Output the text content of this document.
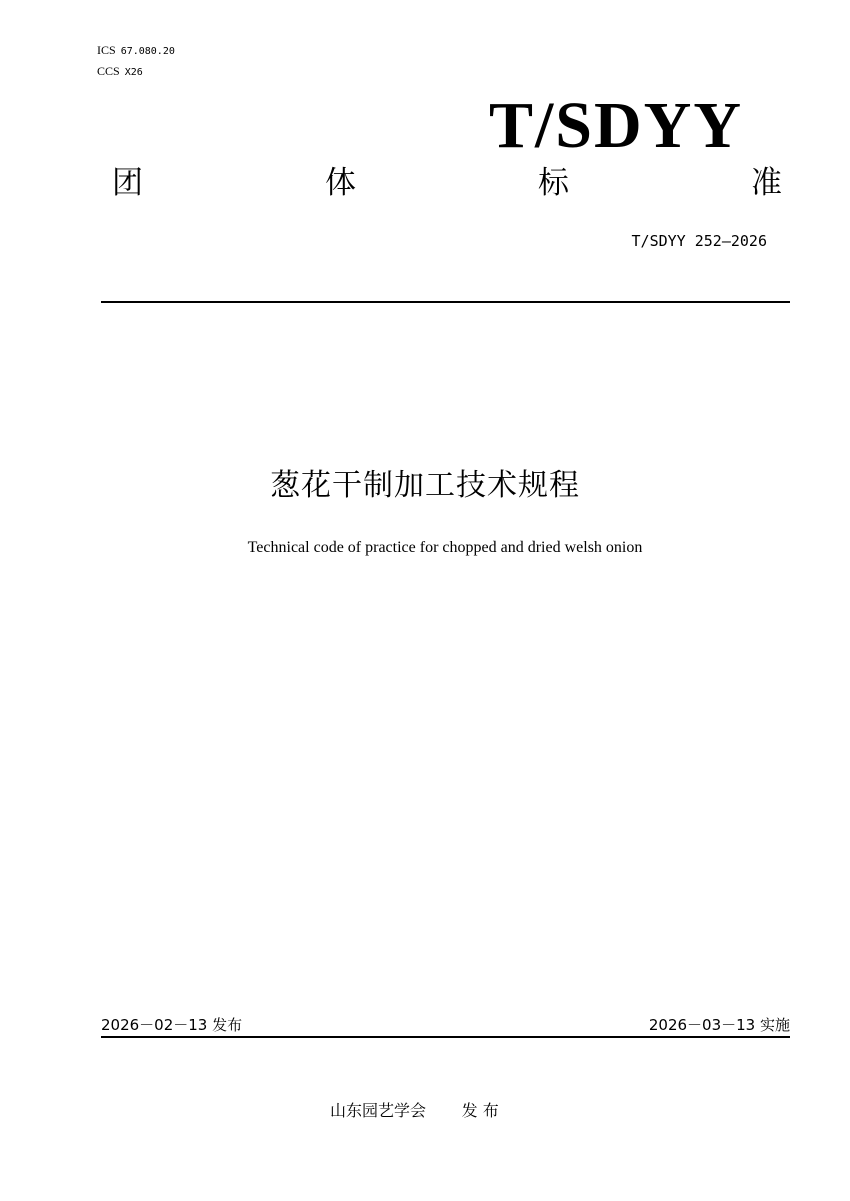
ICS 67.080.20
CCS X26
T/SDYY
团	体	标	准
T/SDYY 252—2026
葱花干制加工技术规程
Technical code of practice for chopped and dried welsh onion
2026－02－13 发布	2026－03－13 实施
山东园艺学会 发 布
